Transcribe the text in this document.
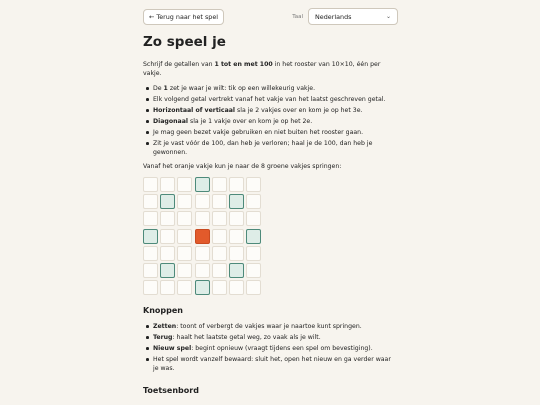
← Terug naar het spel	Taal Nederlands	⌄
Zo speel je

Schrijf de getallen van 1 tot en met 100 in het rooster van 10×10, één per vakje.

De 1 zet je waar je wilt: tik op een willekeurig vakje.
Elk volgend getal vertrekt vanaf het vakje van het laatst geschreven getal.
Horizontaal of verticaal sla je 2 vakjes over en kom je op het 3e.
Diagonaal sla je 1 vakje over en kom je op het 2e.
Je mag geen bezet vakje gebruiken en niet buiten het rooster gaan.
Zit je vast vóór de 100, dan heb je verloren; haal je de 100, dan heb je gewonnen.

Vanaf het oranje vakje kun je naar de 8 groene vakjes springen:

Knoppen
Zetten: toont of verbergt de vakjes waar je naartoe kunt springen.
Terug: haalt het laatste getal weg, zo vaak als je wilt.
Nieuw spel: begint opnieuw (vraagt tijdens een spel om bevestiging).
Het spel wordt vanzelf bewaard: sluit het, open het nieuw en ga verder waar je was.
Toetsenbord
